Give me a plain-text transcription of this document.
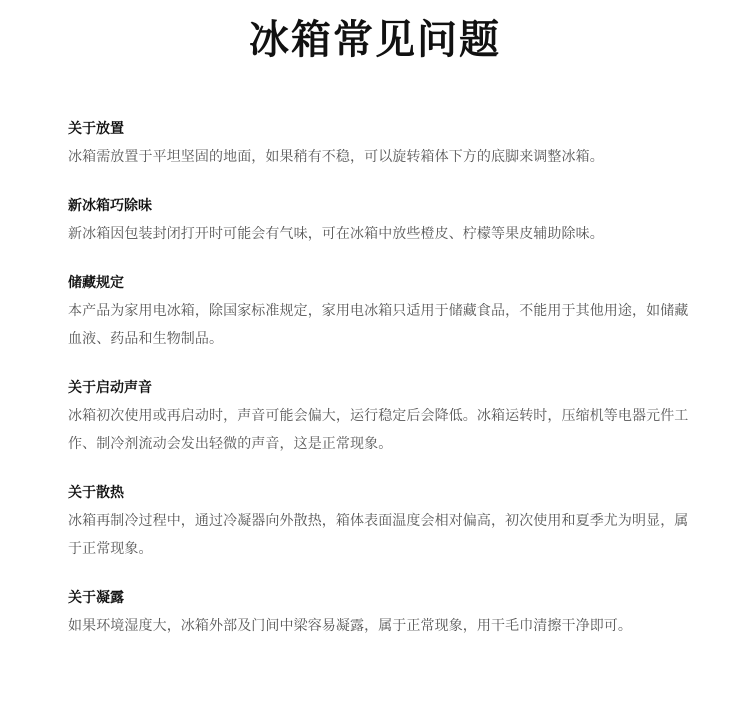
冰箱常见问题
关于放置

冰箱需放置于平坦坚固的地面，如果稍有不稳，可以旋转箱体下方的底脚来调整冰箱。

新冰箱巧除味

新冰箱因包装封闭打开时可能会有气味，可在冰箱中放些橙皮、柠檬等果皮辅助除味。

储藏规定

本产品为家用电冰箱，除国家标准规定，家用电冰箱只适用于储藏食品，不能用于其他用途，如储藏血液、药品和生物制品。

关于启动声音

冰箱初次使用或再启动时，声音可能会偏大，运行稳定后会降低。冰箱运转时，压缩机等电器元件工作、制冷剂流动会发出轻微的声音，这是正常现象。

关于散热

冰箱再制冷过程中，通过冷凝器向外散热，箱体表面温度会相对偏高，初次使用和夏季尤为明显，属于正常现象。

关于凝露

如果环境湿度大，冰箱外部及门间中梁容易凝露，属于正常现象，用干毛巾清擦干净即可。
